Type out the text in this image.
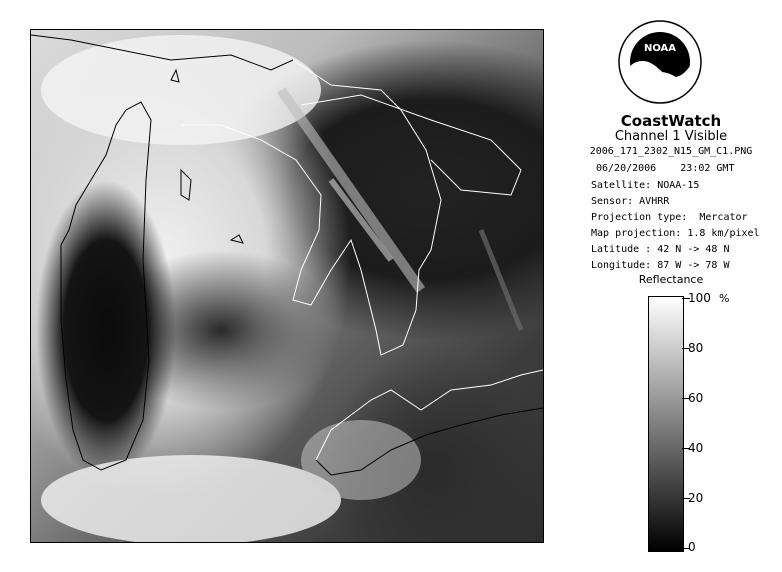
NOAA
CoastWatch
Channel 1 Visible
2006_171_2302_N15_GM_C1.PNG
06/20/2006    23:02 GMT
Satellite: NOAA-15
Sensor: AVHRR
Projection type:  Mercator
Map projection: 1.8 km/pixel
Latitude : 42 N -> 48 N
Longitude: 87 W -> 78 W
Reflectance
%
100
80
60
40
20
0
